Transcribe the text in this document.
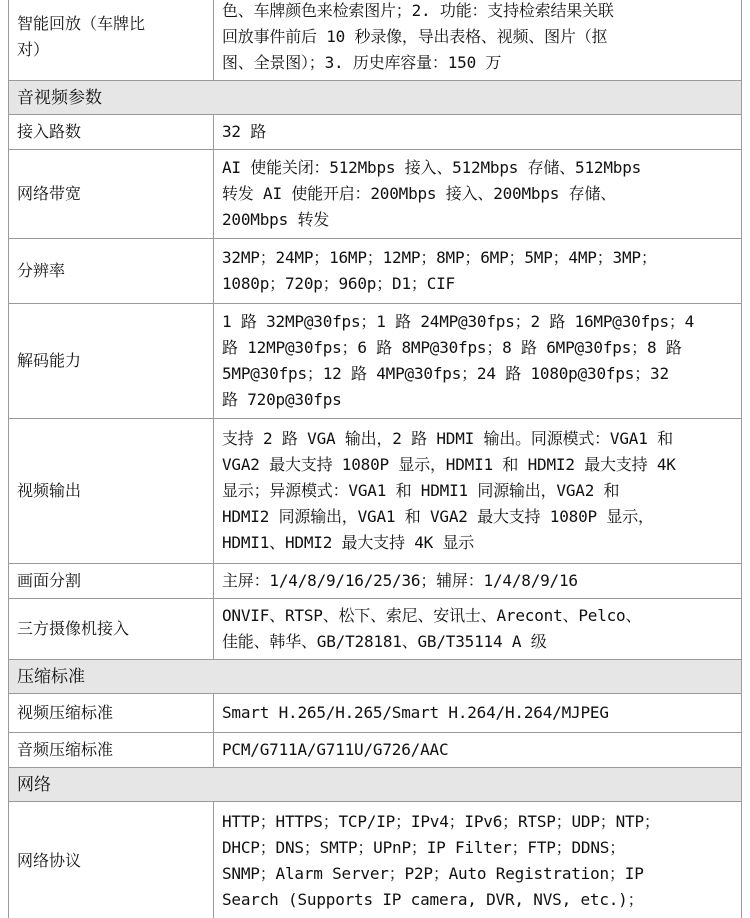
智能回放（车牌比
对）	色、车牌颜色来检索图片；2. 功能：支持检索结果关联
回放事件前后 10 秒录像，导出表格、视频、图片（抠
图、全景图）；3. 历史库容量：150 万
音视频参数	
接入路数	32 路
网络带宽	AI 使能关闭：512Mbps 接入、512Mbps 存储、512Mbps
转发 AI 使能开启：200Mbps 接入、200Mbps 存储、
200Mbps 转发
分辨率	32MP；24MP；16MP；12MP；8MP；6MP；5MP；4MP；3MP；
1080p；720p；960p；D1；CIF
解码能力	1 路 32MP@30fps；1 路 24MP@30fps；2 路 16MP@30fps；4
路 12MP@30fps；6 路 8MP@30fps；8 路 6MP@30fps；8 路
5MP@30fps；12 路 4MP@30fps；24 路 1080p@30fps；32
路 720p@30fps
视频输出	支持 2 路 VGA 输出，2 路 HDMI 输出。同源模式：VGA1 和
VGA2 最大支持 1080P 显示，HDMI1 和 HDMI2 最大支持 4K
显示；异源模式：VGA1 和 HDMI1 同源输出，VGA2 和
HDMI2 同源输出，VGA1 和 VGA2 最大支持 1080P 显示，
HDMI1、HDMI2 最大支持 4K 显示
画面分割	主屏：1/4/8/9/16/25/36；辅屏：1/4/8/9/16
三方摄像机接入	ONVIF、RTSP、松下、索尼、安讯士、Arecont、Pelco、
佳能、韩华、GB/T28181、GB/T35114 A 级
压缩标准	
视频压缩标准	Smart H.265/H.265/Smart H.264/H.264/MJPEG
音频压缩标准	PCM/G711A/G711U/G726/AAC
网络	
网络协议	HTTP；HTTPS；TCP/IP；IPv4；IPv6；RTSP；UDP；NTP；
DHCP；DNS；SMTP；UPnP；IP Filter；FTP；DDNS；
SNMP；Alarm Server；P2P；Auto Registration；IP
Search (Supports IP camera, DVR, NVS, etc.)；
